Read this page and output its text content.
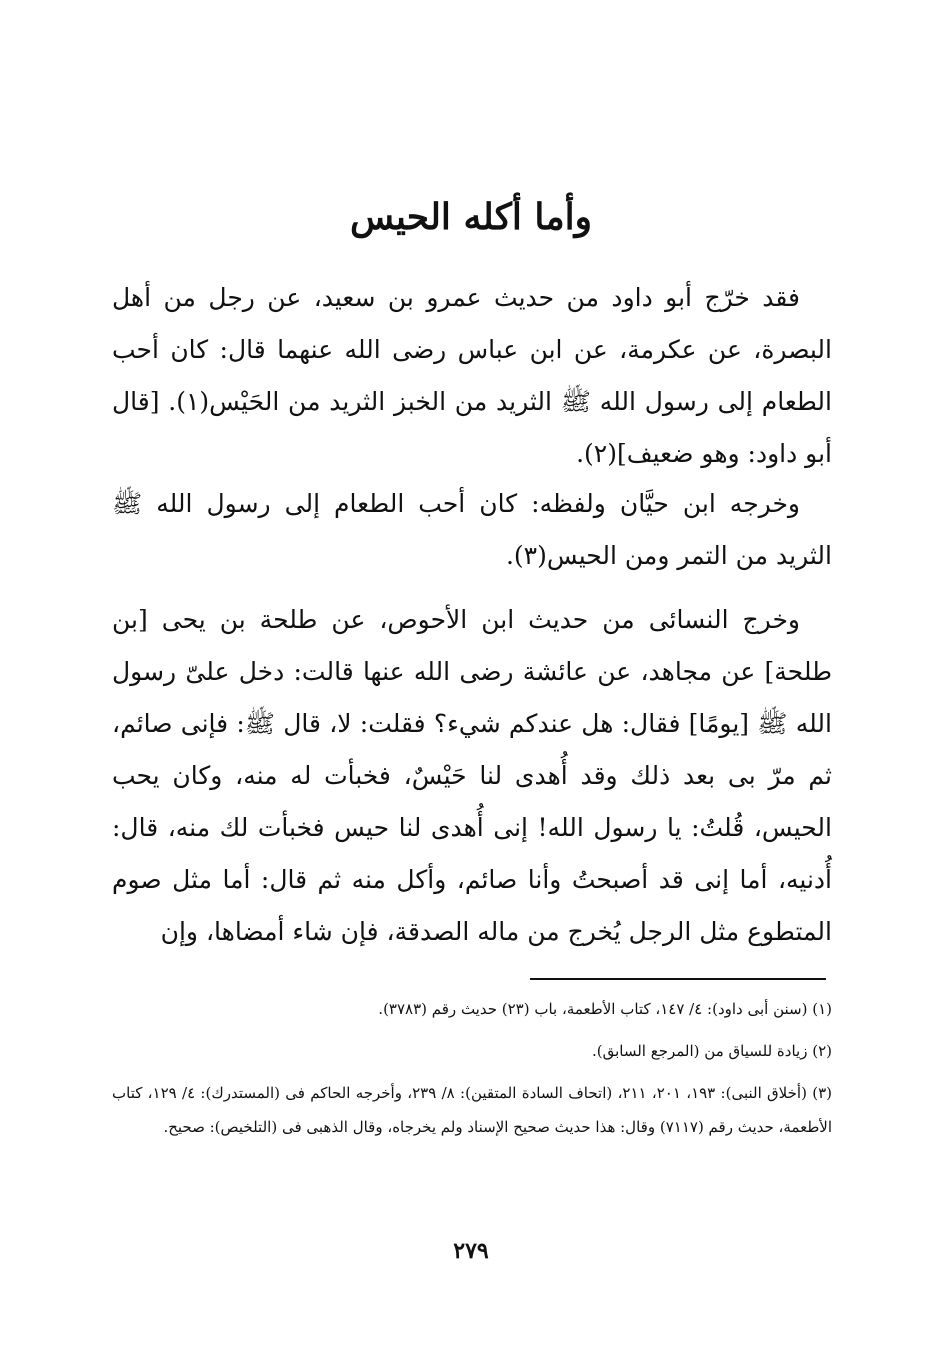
وأما أكله الحيس

فقد خرّج أبو داود من حديث عمرو بن سعيد، عن رجل من أهل البصرة، عن عكرمة، عن ابن عباس رضى الله عنهما قال: كان أحب الطعام إلى رسول الله ﷺ الثريد من الخبز الثريد من الحَيْس(١). [قال أبو داود: وهو ضعيف](٢).

وخرجه ابن حيَّان ولفظه: كان أحب الطعام إلى رسول الله ﷺ الثريد من التمر ومن الحيس(٣).

وخرج النسائى من حديث ابن الأحوص، عن طلحة بن يحى [بن طلحة] عن مجاهد، عن عائشة رضى الله عنها قالت: دخل علىّ رسول الله ﷺ [يومًا] فقال: هل عندكم شيء؟ فقلت: لا، قال ﷺ: فإنى صائم، ثم مرّ بى بعد ذلك وقد أُهدى لنا حَيْسٌ، فخبأت له منه، وكان يحب الحيس، قُلتُ: يا رسول الله! إنى أُهدى لنا حيس فخبأت لك منه، قال: أُدنيه، أما إنى قد أصبحتُ وأنا صائم، وأكل منه ثم قال: أما مثل صوم المتطوع مثل الرجل يُخرج من ماله الصدقة، فإن شاء أمضاها، وإن

(١) (سنن أبى داود): ٤/ ١٤٧، كتاب الأطعمة، باب (٢٣) حديث رقم (٣٧٨٣).

(٢) زيادة للسياق من (المرجع السابق).

(٣) (أخلاق النبى): ١٩٣، ٢٠١، ٢١١، (اتحاف السادة المتقين): ٨/ ٢٣٩، وأخرجه الحاكم فى (المستدرك): ٤/ ١٢٩، كتاب الأطعمة، حديث رقم (٧١١٧) وقال: هذا حديث صحيح الإسناد ولم يخرجاه، وقال الذهبى فى (التلخيص): صحيح.

٢٧٩
